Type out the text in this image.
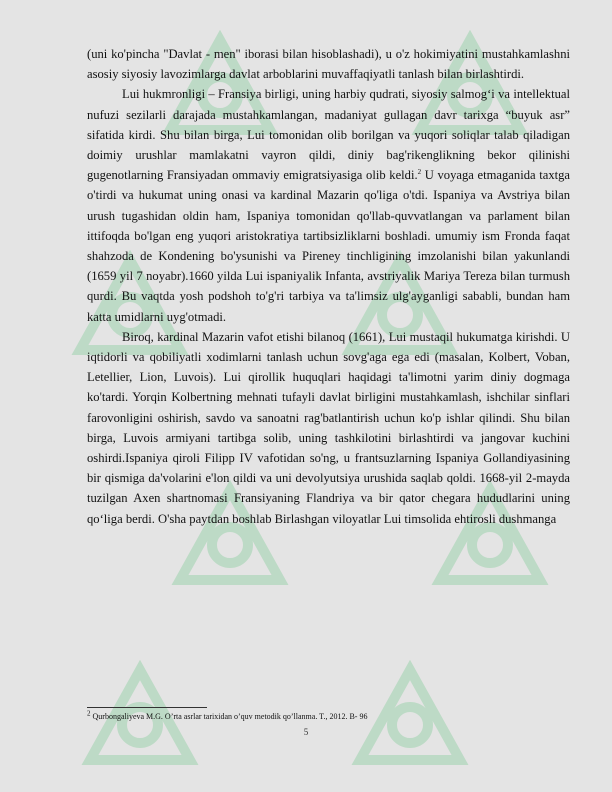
(uni ko'pincha "Davlat - men" iborasi bilan hisoblashadi), u o'z hokimiyatini mustahkamlashni asosiy siyosiy lavozimlarga davlat arboblarini muvaffaqiyatli tanlash bilan birlashtirdi.

Lui hukmronligi – Fransiya birligi, uning harbiy qudrati, siyosiy salmog‘i va intellektual nufuzi sezilarli darajada mustahkamlangan, madaniyat gullagan davr tarixga “buyuk asr” sifatida kirdi. Shu bilan birga, Lui tomonidan olib borilgan va yuqori soliqlar talab qiladigan doimiy urushlar mamlakatni vayron qildi, diniy bag'rikenglikning bekor qilinishi gugenotlarning Fransiyadan ommaviy emigratsiyasiga olib keldi.$^2$ U voyaga etmaganida taxtga o'tirdi va hukumat uning onasi va kardinal Mazarin qo'liga o'tdi. Ispaniya va Avstriya bilan urush tugashidan oldin ham, Ispaniya tomonidan qo'llab-quvvatlangan va parlament bilan ittifoqda bo'lgan eng yuqori aristokratiya tartibsizliklarni boshladi. umumiy ism Fronda faqat shahzoda de Kondening bo'ysunishi va Pireney tinchligining imzolanishi bilan yakunlandi (1659 yil 7 noyabr).1660 yilda Lui ispaniyalik Infanta, avstriyalik Mariya Tereza bilan turmush qurdi. Bu vaqtda yosh podshoh to'g'ri tarbiya va ta'limsiz ulg'ayganligi sababli, bundan ham katta umidlarni uyg'otmadi.

Biroq, kardinal Mazarin vafot etishi bilanoq (1661), Lui mustaqil hukumatga kirishdi. U iqtidorli va qobiliyatli xodimlarni tanlash uchun sovg'aga ega edi (masalan, Kolbert, Voban, Letellier, Lion, Luvois). Lui qirollik huquqlari haqidagi ta'limotni yarim diniy dogmaga ko'tardi. Yorqin Kolbertning mehnati tufayli davlat birligini mustahkamlash, ishchilar sinflari farovonligini oshirish, savdo va sanoatni rag'batlantirish uchun ko'p ishlar qilindi. Shu bilan birga, Luvois armiyani tartibga solib, uning tashkilotini birlashtirdi va jangovar kuchini oshirdi.Ispaniya qiroli Filipp IV vafotidan so'ng, u frantsuzlarning Ispaniya Gollandiyasining bir qismiga da'volarini e'lon qildi va uni devolyutsiya urushida saqlab qoldi. 1668-yil 2-mayda tuzilgan Axen shartnomasi Fransiyaning Flandriya va bir qator chegara hududlarini uning qo‘liga berdi. O'sha paytdan boshlab Birlashgan viloyatlar Lui timsolida ehtirosli dushmanga

$^2$ Qurbongaliyeva M.G. O’rta asrlar tarixidan o’quv metodik qo’llanma. T., 2012. B- 96
5
